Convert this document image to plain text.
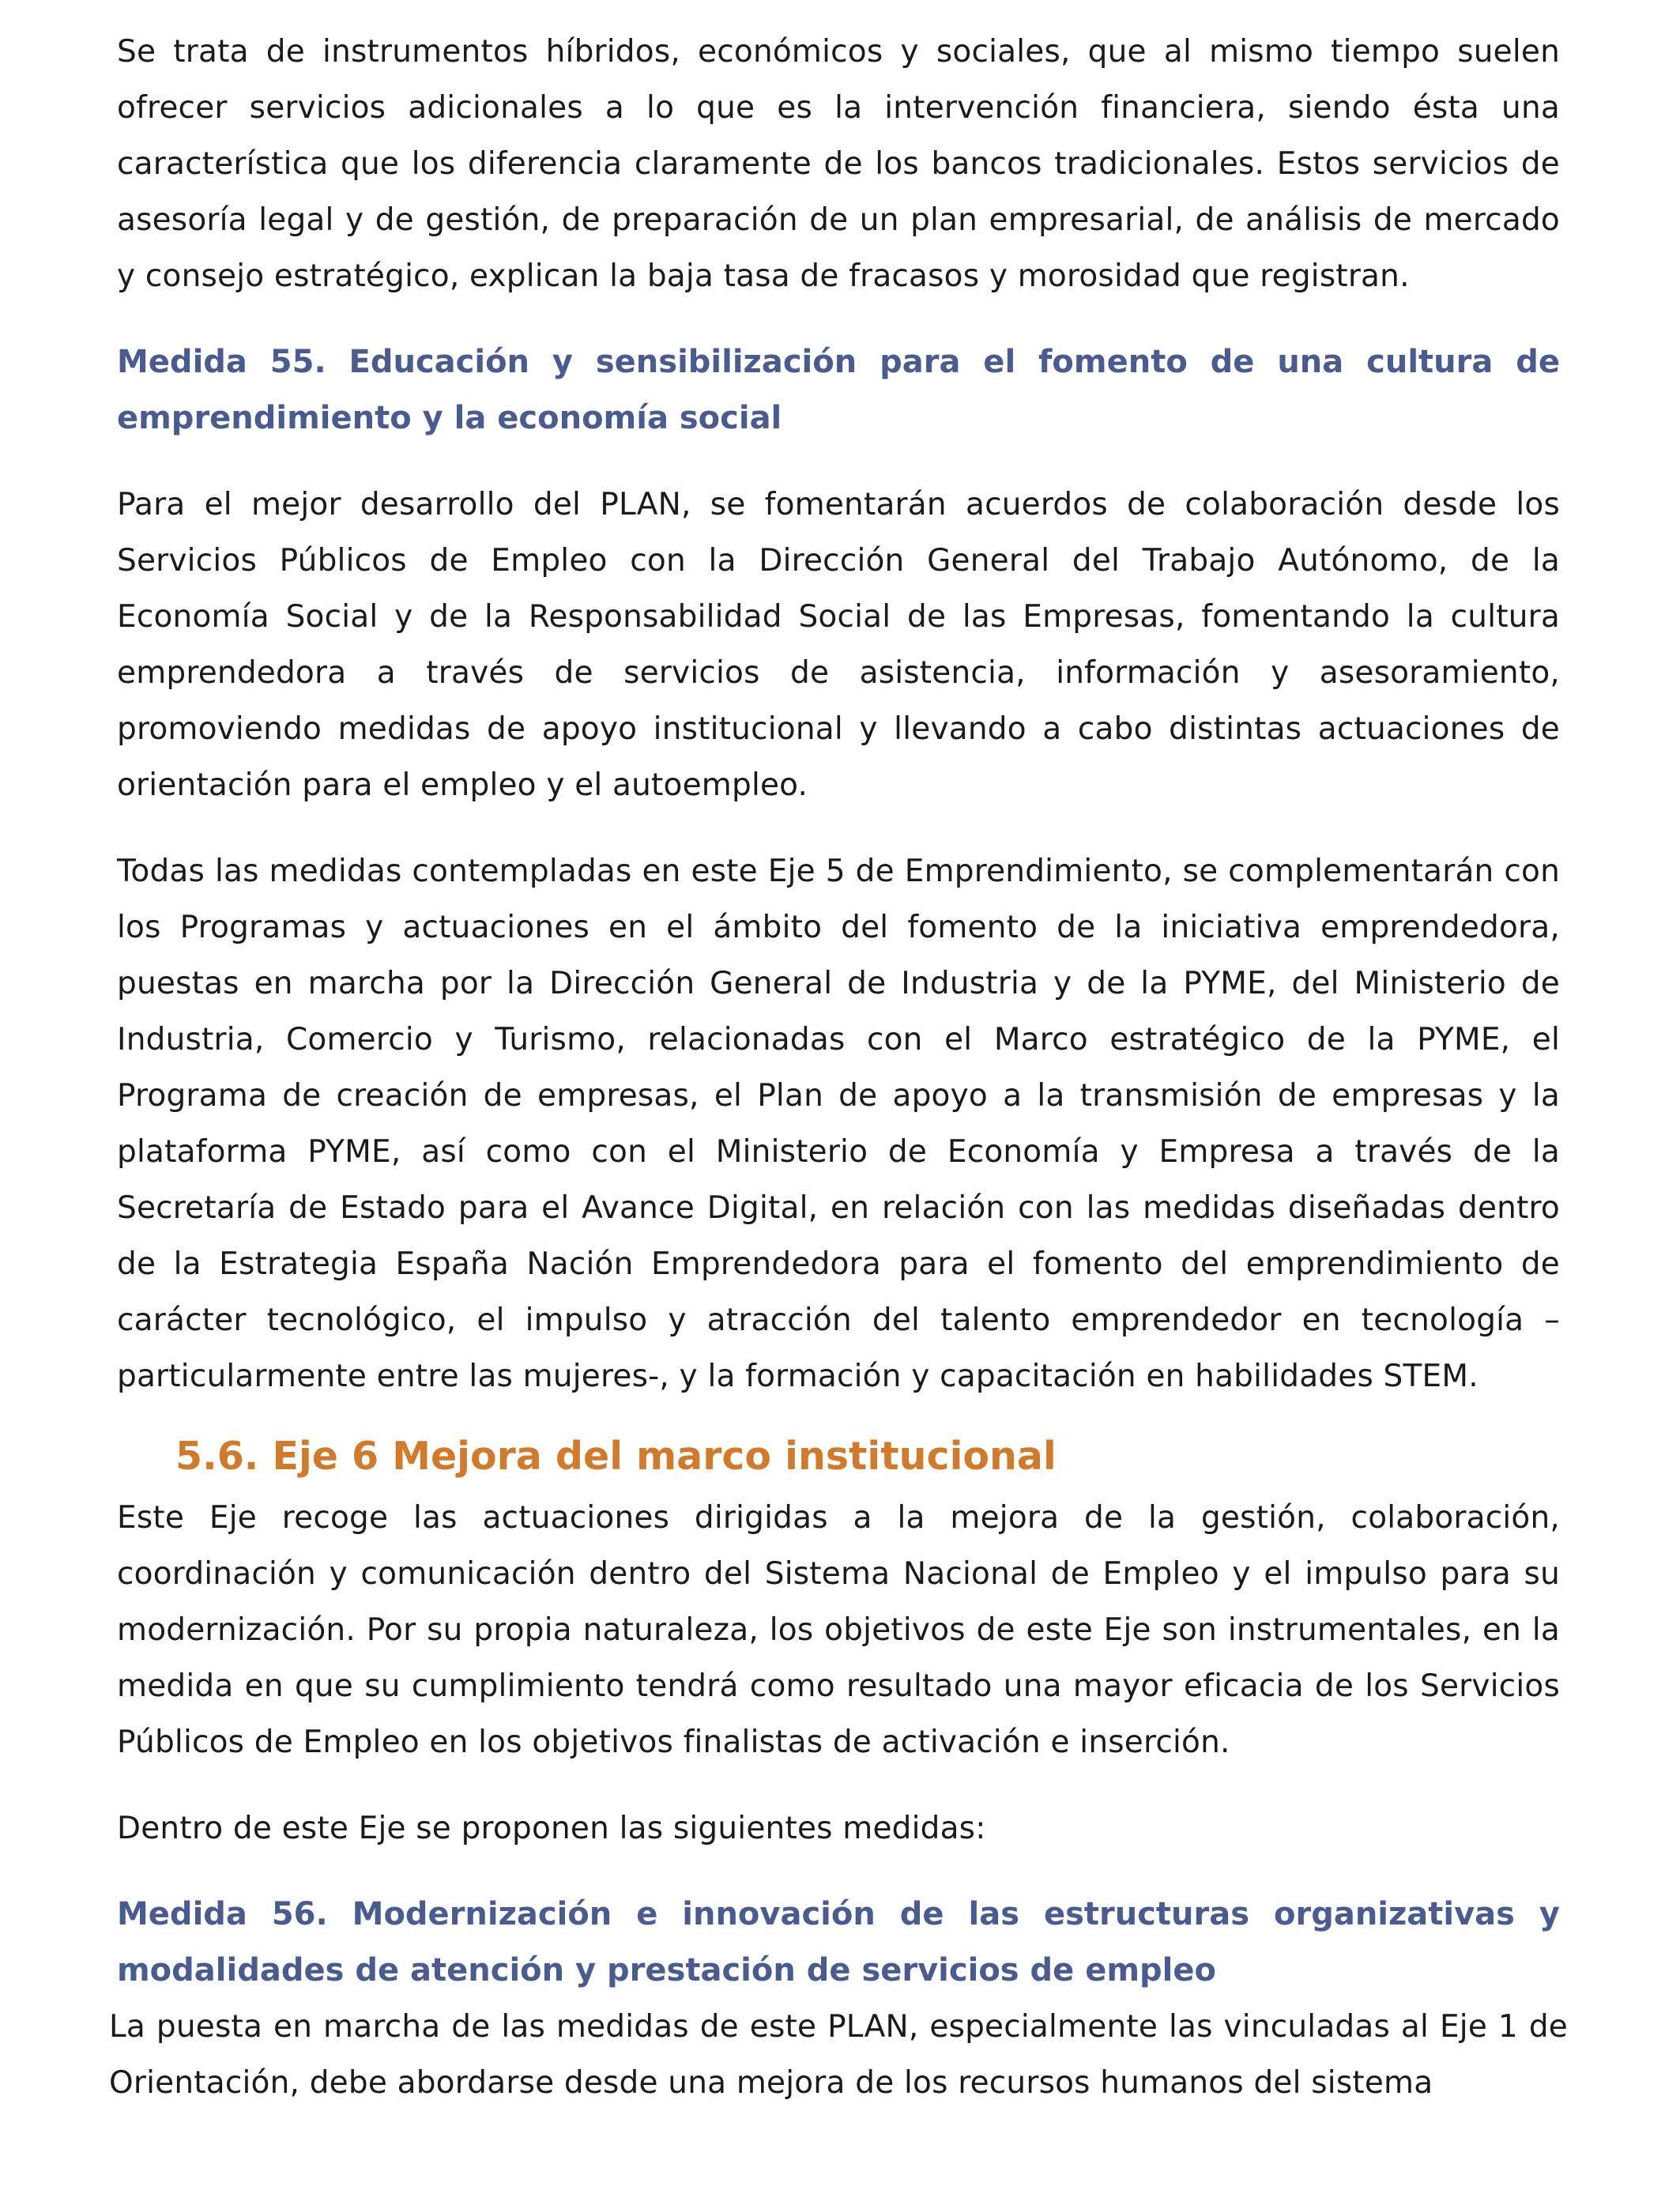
Se trata de instrumentos híbridos, económicos y sociales, que al mismo tiempo suelen ofrecer servicios adicionales a lo que es la intervención financiera, siendo ésta una característica que los diferencia claramente de los bancos tradicionales. Estos servicios de asesoría legal y de gestión, de preparación de un plan empresarial, de análisis de mercado y consejo estratégico, explican la baja tasa de fracasos y morosidad que registran.

Medida 55. Educación y sensibilización para el fomento de una cultura de emprendimiento y la economía social

Para el mejor desarrollo del PLAN, se fomentarán acuerdos de colaboración desde los Servicios Públicos de Empleo con la Dirección General del Trabajo Autónomo, de la Economía Social y de la Responsabilidad Social de las Empresas, fomentando la cultura emprendedora a través de servicios de asistencia, información y asesoramiento, promoviendo medidas de apoyo institucional y llevando a cabo distintas actuaciones de orientación para el empleo y el autoempleo.

Todas las medidas contempladas en este Eje 5 de Emprendimiento, se complementarán con los Programas y actuaciones en el ámbito del fomento de la iniciativa emprendedora, puestas en marcha por la Dirección General de Industria y de la PYME, del Ministerio de Industria, Comercio y Turismo, relacionadas con el Marco estratégico de la PYME, el Programa de creación de empresas, el Plan de apoyo a la transmisión de empresas y la plataforma PYME, así como con el Ministerio de Economía y Empresa a través de la Secretaría de Estado para el Avance Digital, en relación con las medidas diseñadas dentro de la Estrategia España Nación Emprendedora para el fomento del emprendimiento de carácter tecnológico, el impulso y atracción del talento emprendedor en tecnología –particularmente entre las mujeres-, y la formación y capacitación en habilidades STEM.

5.6. Eje 6 Mejora del marco institucional

Este Eje recoge las actuaciones dirigidas a la mejora de la gestión, colaboración, coordinación y comunicación dentro del Sistema Nacional de Empleo y el impulso para su modernización. Por su propia naturaleza, los objetivos de este Eje son instrumentales, en la medida en que su cumplimiento tendrá como resultado una mayor eficacia de los Servicios Públicos de Empleo en los objetivos finalistas de activación e inserción.

Dentro de este Eje se proponen las siguientes medidas:

Medida 56. Modernización e innovación de las estructuras organizativas y modalidades de atención y prestación de servicios de empleo

La puesta en marcha de las medidas de este PLAN, especialmente las vinculadas al Eje 1 de Orientación, debe abordarse desde una mejora de los recursos humanos del sistema
